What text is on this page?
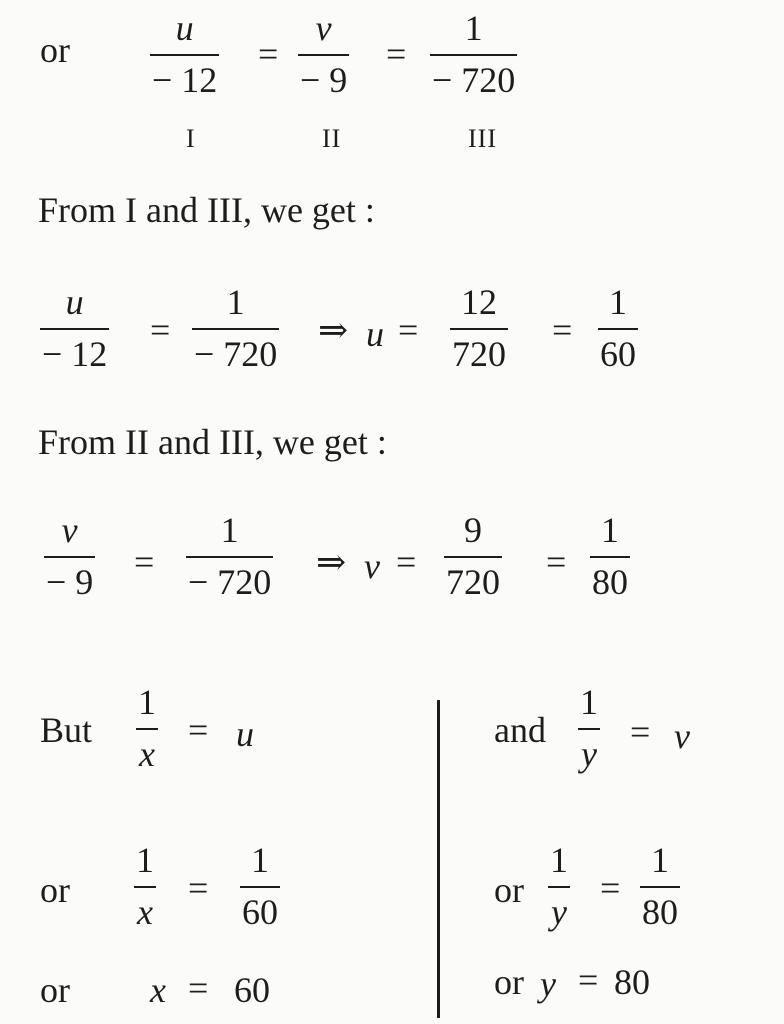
or
u
− 12
=
v
− 9
=
1
− 720
I	II	III
From I and III, we get :
u
− 12
=
1
− 720
⇒ u =
12
720
=
1
60
From II and III, we get :
v
− 9 =
1
− 720 ⇒ v =
9
720 =
1
80
But
1
x
= u
or
1
x
=
1
60
or x = 60
and
1
y
= v
or
1
y
=
1
80
or y = 80
